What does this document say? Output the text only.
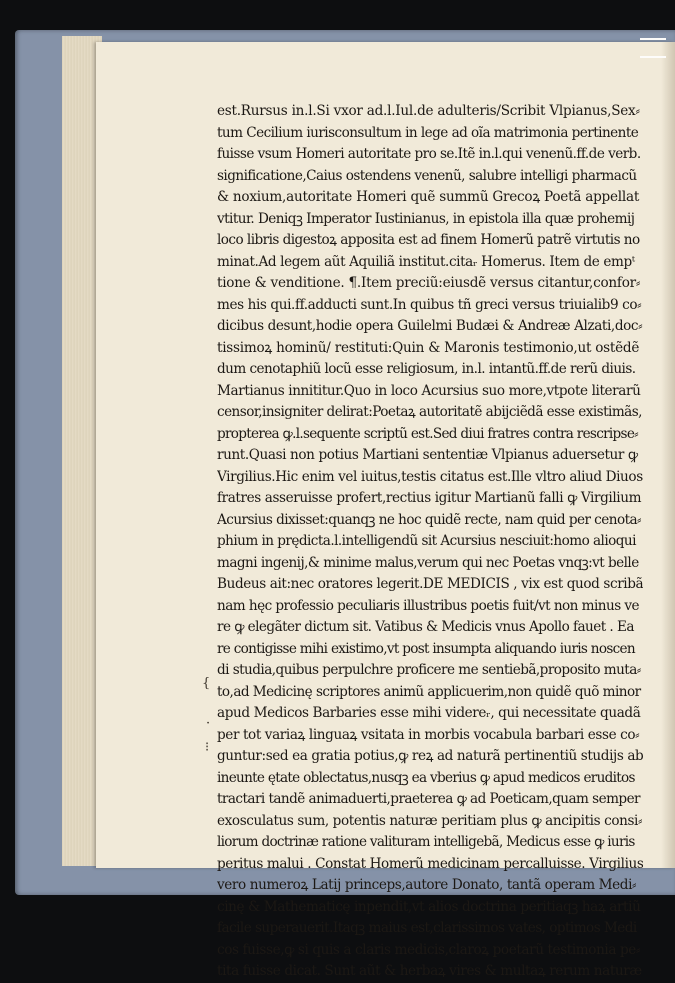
est.Rursus in.l.Si vxor ad.l.Iul.de adulteris/Scribit Vlpianus,Sex⸗
tum Cecilium iurisconsultum in lege ad oĩa matrimonia pertinente
fuisse vsum Homeri autoritate pro se.Itẽ in.l.qui venenũ.ff.de verb.
significatione,Caius ostendens venenũ, salubre intelligi pharmacũ
& noxium,autoritate Homeri quẽ summũ Grecoꝝ Poetã appellat
vtitur. Deniqꝫ Imperator Iustinianus, in epistola illa quæ prohemij
loco libris digestoꝝ apposita est ad finem Homerũ patrẽ virtutis no
minat.Ad legem aũt Aquiliã institut.citaᵣ Homerus. Item de empᵗ
tione & venditione. ¶.Item preciũ:eiusdẽ versus citantur,confor⸗
mes his qui.ff.adducti sunt.In quibus tñ greci versus triuialib9 co⸗
dicibus desunt,hodie opera Guilelmi Budæi & Andreæ Alzati,doc⸗
tissimoꝝ hominũ/ restituti:Quin & Maronis testimonio,ut ostẽdẽ
dum cenotaphiũ locũ esse religiosum, in.l. intantũ.ff.de rerũ diuis.
Martianus innititur.Quo in loco Acursius suo more,vtpote literarũ
censor,insigniter delirat:Poetaꝝ autoritatẽ abijciẽdã esse existimãs,
propterea ꝙ.l.sequente scriptũ est.Sed diui fratres contra rescripse⸗
runt.Quasi non potius Martiani sententiæ Vlpianus aduersetur ꝙ
Virgilius.Hic enim vel iuitus,testis citatus est.Ille vltro aliud Diuos
fratres asseruisse profert,rectius igitur Martianũ falli ꝙ Virgilium
Acursius dixisset:quanqꝫ ne hoc quidẽ recte, nam quid per cenota⸗
phium in prędicta.l.intelligendũ sit Acursius nesciuit:homo alioqui
magni ingenij,& minime malus,verum qui nec Poetas vnqꝫ:vt belle
Budeus ait:nec oratores legerit.DE MEDICIS , vix est quod scribã
nam hęc professio peculiaris illustribus poetis fuit/vt non minus ve
re ꝙ elegãter dictum sit. Vatibus & Medicis vnus Apollo fauet . Ea
re contigisse mihi existimo,vt post insumpta aliquando iuris noscen
di studia,quibus perpulchre proficere me sentiebã,proposito muta⸗
to,ad Medicinę scriptores animũ applicuerim,non quidẽ quõ minor
apud Medicos Barbaries esse mihi videreᵣ, qui necessitate quadã
per tot variaꝝ linguaꝝ vsitata in morbis vocabula barbari esse co⸗
guntur:sed ea gratia potius,ꝙ reꝝ ad naturã pertinentiũ studijs ab
ineunte ętate oblectatus,nusqꝫ ea vberius ꝙ apud medicos eruditos
tractari tandẽ animaduerti,praeterea ꝙ ad Poeticam,quam semper
exosculatus sum, potentis naturæ peritiam plus ꝙ ancipitis consi⸗
liorum doctrinæ ratione valituram intelligebã, Medicus esse ꝙ iuris
peritus malui . Constat Homerũ medicinam percalluisse. Virgilius
vero numeroꝝ Latij princeps,autore Donato, tantã operam Medi⸗
cinę & Mathematicę inpendit,vt alios doctrina peritiaqꝫ haꝝ artiũ
facile superauerit.Itaqꝫ maius est,clarissimos vates, optimos Medi
cos fuisse,ꝙ si quis a claris medicis,claroꝝ poetarũ testimonia pe⸗
tita fuisse dicat. Sunt aũt & herbaꝝ vires & multaꝝ rerum naturæ
{
·
⁝
